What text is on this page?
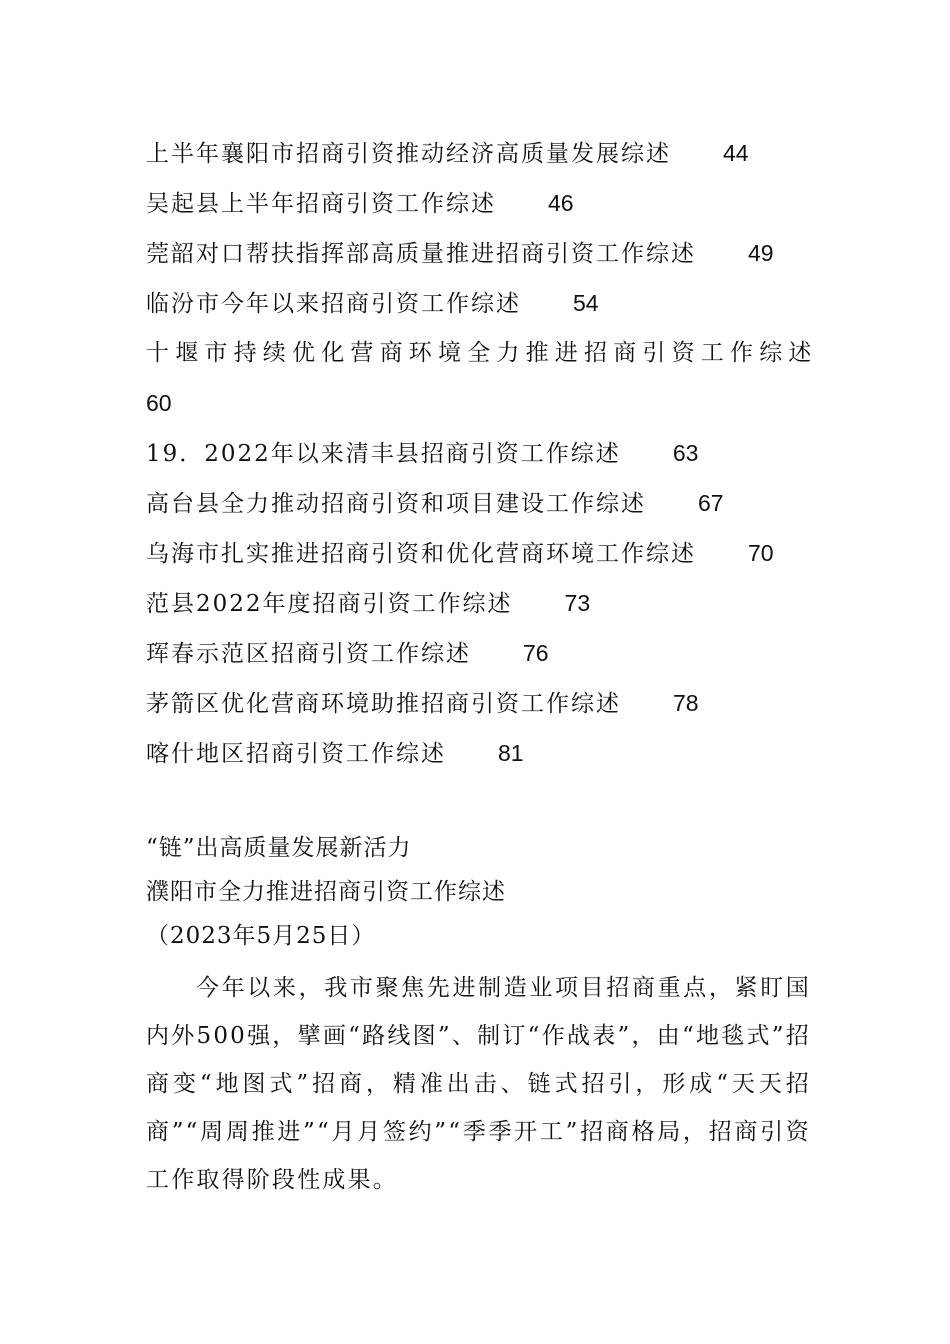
上半年襄阳市招商引资推动经济高质量发展综述 44
吴起县上半年招商引资工作综述 46
莞韶对口帮扶指挥部高质量推进招商引资工作综述 49
临汾市今年以来招商引资工作综述 54
十堰市持续优化营商环境全力推进招商引资工作综述
60
19．2022年以来清丰县招商引资工作综述 63
高台县全力推动招商引资和项目建设工作综述 67
乌海市扎实推进招商引资和优化营商环境工作综述 70
范县2022年度招商引资工作综述 73
珲春示范区招商引资工作综述 76
茅箭区优化营商环境助推招商引资工作综述 78
喀什地区招商引资工作综述 81
“链”出高质量发展新活力
濮阳市全力推进招商引资工作综述
（2023年5月25日）
今年以来，我市聚焦先进制造业项目招商重点，紧盯国内外500强，擘画“路线图”、制订“作战表”，由“地毯式”招商变“地图式”招商，精准出击、链式招引，形成“天天招商”“周周推进”“月月签约”“季季开工”招商格局，招商引资工作取得阶段性成果。
